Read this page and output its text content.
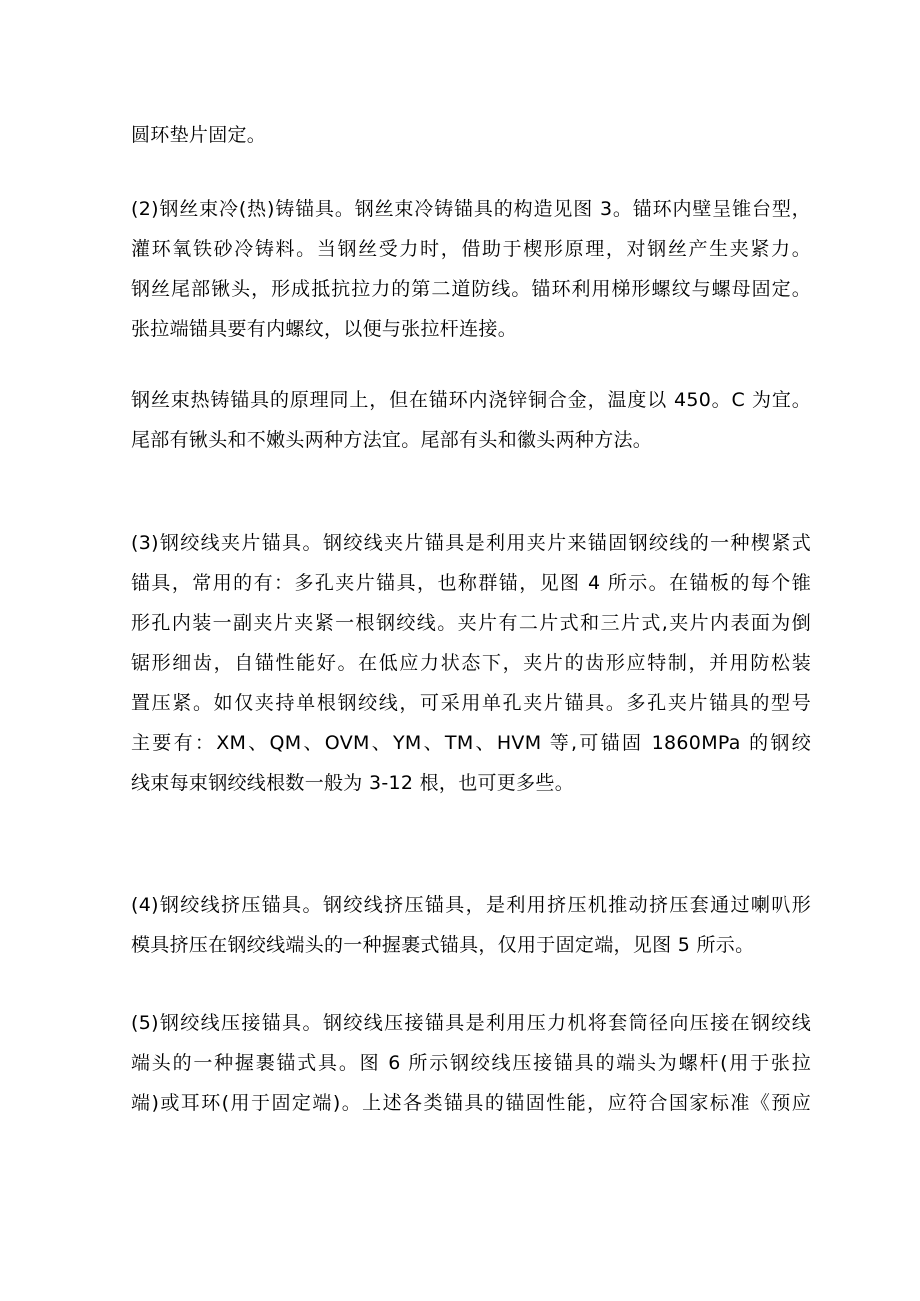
圆环垫片固定。
(2)钢丝束冷(热)铸锚具。钢丝束冷铸锚具的构造见图 3。锚环内壁呈锥台型，
灌环氧铁砂冷铸料。当钢丝受力时，借助于楔形原理，对钢丝产生夹紧力。
钢丝尾部锹头，形成抵抗拉力的第二道防线。锚环利用梯形螺纹与螺母固定。
张拉端锚具要有内螺纹，以便与张拉杆连接。
钢丝束热铸锚具的原理同上，但在锚环内浇锌铜合金，温度以 450。C 为宜。
尾部有锹头和不嫩头两种方法宜。尾部有头和徽头两种方法。
(3)钢绞线夹片锚具。钢绞线夹片锚具是利用夹片来锚固钢绞线的一种楔紧式
锚具，常用的有：多孔夹片锚具，也称群锚，见图 4 所示。在锚板的每个锥
形孔内装一副夹片夹紧一根钢绞线。夹片有二片式和三片式,夹片内表面为倒
锯形细齿，自锚性能好。在低应力状态下，夹片的齿形应特制，并用防松装
置压紧。如仅夹持单根钢绞线，可采用单孔夹片锚具。多孔夹片锚具的型号
主要有：XM、QM、OVM、YM、TM、HVM 等,可锚固 1860MPa 的钢绞
线束每束钢绞线根数一般为 3-12 根，也可更多些。
(4)钢绞线挤压锚具。钢绞线挤压锚具，是利用挤压机推动挤压套通过喇叭形
模具挤压在钢绞线端头的一种握裹式锚具，仅用于固定端，见图 5 所示。
(5)钢绞线压接锚具。钢绞线压接锚具是利用压力机将套筒径向压接在钢绞线
端头的一种握裹锚式具。图 6 所示钢绞线压接锚具的端头为螺杆(用于张拉
端)或耳环(用于固定端)。上述各类锚具的锚固性能，应符合国家标准《预应
